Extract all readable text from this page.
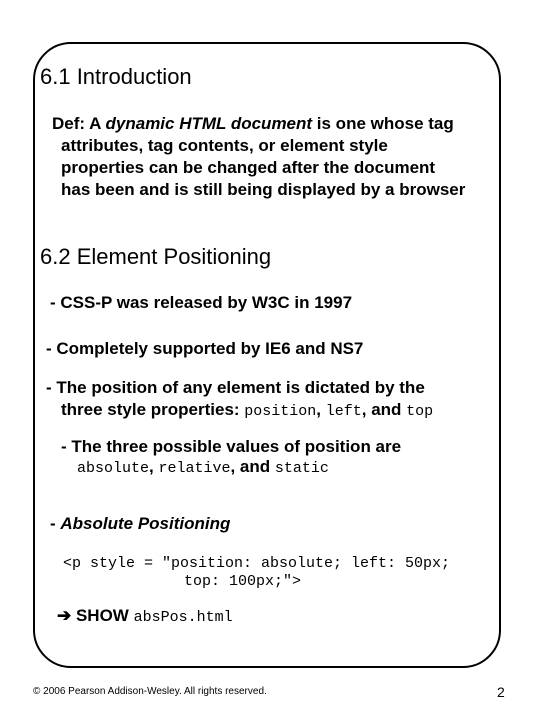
6.1 Introduction
Def: A dynamic HTML document is one whose tag
attributes, tag contents, or element style
properties can be changed after the document
has been and is still being displayed by a browser
6.2 Element Positioning
- CSS-P was released by W3C in 1997
- Completely supported by IE6 and NS7
- The position of any element is dictated by the
three style properties: position, left, and top
- The three possible values of position are
absolute, relative, and static
- Absolute Positioning
<p style = "position: absolute; left: 50px;
top: 100px;">
➔ SHOW absPos.html
© 2006 Pearson Addison-Wesley. All rights reserved.	2
